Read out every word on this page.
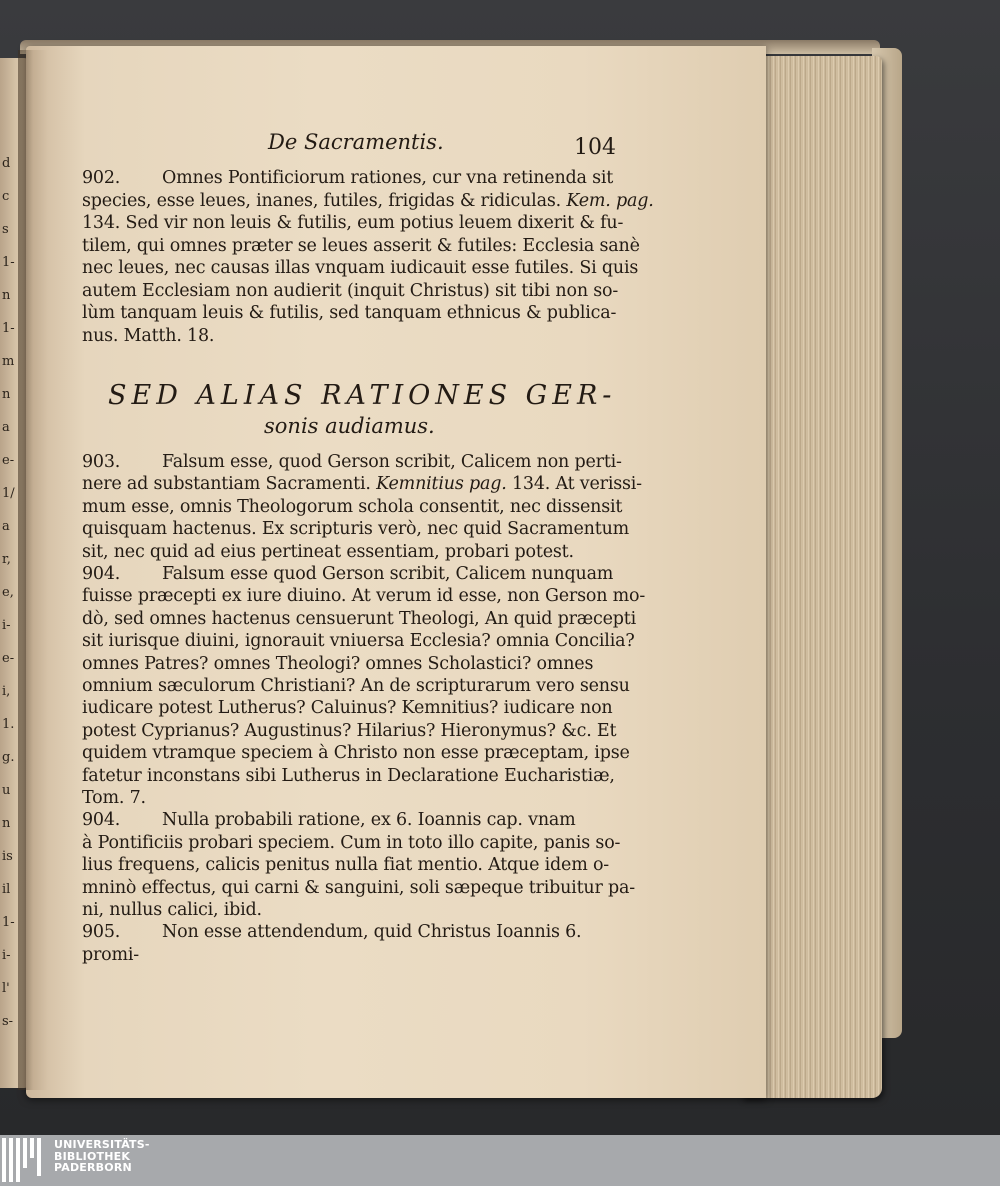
d
c
s
1-
n
1-
m
n
a
e-
1/
a
r,
e,
i-
e-
i,
1.
g.
u
n
is
il
1-
i-
l'
s-
De Sacramentis.	104
902. Omnes Pontificiorum rationes, cur vna retinenda sit
species, esse leues, inanes, futiles, frigidas & ridiculas. Kem. pag.
134. Sed vir non leuis & futilis, eum potius leuem dixerit & fu-
tilem, qui omnes præter se leues asserit & futiles: Ecclesia sanè
nec leues, nec causas illas vnquam iudicauit esse futiles. Si quis
autem Ecclesiam non audierit (inquit Christus) sit tibi non so-
lùm tanquam leuis & futilis, sed tanquam ethnicus & publica-
nus. Matth. 18.
SED ALIAS RATIONES GER-
sonis audiamus.
903. Falsum esse, quod Gerson scribit, Calicem non perti-
nere ad substantiam Sacramenti. Kemnitius pag. 134. At verissi-
mum esse, omnis Theologorum schola consentit, nec dissensit
quisquam hactenus. Ex scripturis verò, nec quid Sacramentum
sit, nec quid ad eius pertineat essentiam, probari potest.
904. Falsum esse quod Gerson scribit, Calicem nunquam
fuisse præcepti ex iure diuino. At verum id esse, non Gerson mo-
dò, sed omnes hactenus censuerunt Theologi, An quid præcepti
sit iurisque diuini, ignorauit vniuersa Ecclesia? omnia Concilia?
omnes Patres? omnes Theologi? omnes Scholastici? omnes
omnium sæculorum Christiani? An de scripturarum vero sensu
iudicare potest Lutherus? Caluinus? Kemnitius? iudicare non
potest Cyprianus? Augustinus? Hilarius? Hieronymus? &c. Et
quidem vtramque speciem à Christo non esse præceptam, ipse
fatetur inconstans sibi Lutherus in Declaratione Eucharistiæ,
Tom. 7.
904. Nulla probabili ratione, ex 6. Ioannis cap. vnam
à Pontificiis probari speciem. Cum in toto illo capite, panis so-
lius frequens, calicis penitus nulla fiat mentio. Atque idem o-
mninò effectus, qui carni & sanguini, soli sæpeque tribuitur pa-
ni, nullus calici, ibid.
905. Non esse attendendum, quid Christus Ioannis 6.
promi-
UNIVERSITÄTS-
BIBLIOTHEK
PADERBORN
